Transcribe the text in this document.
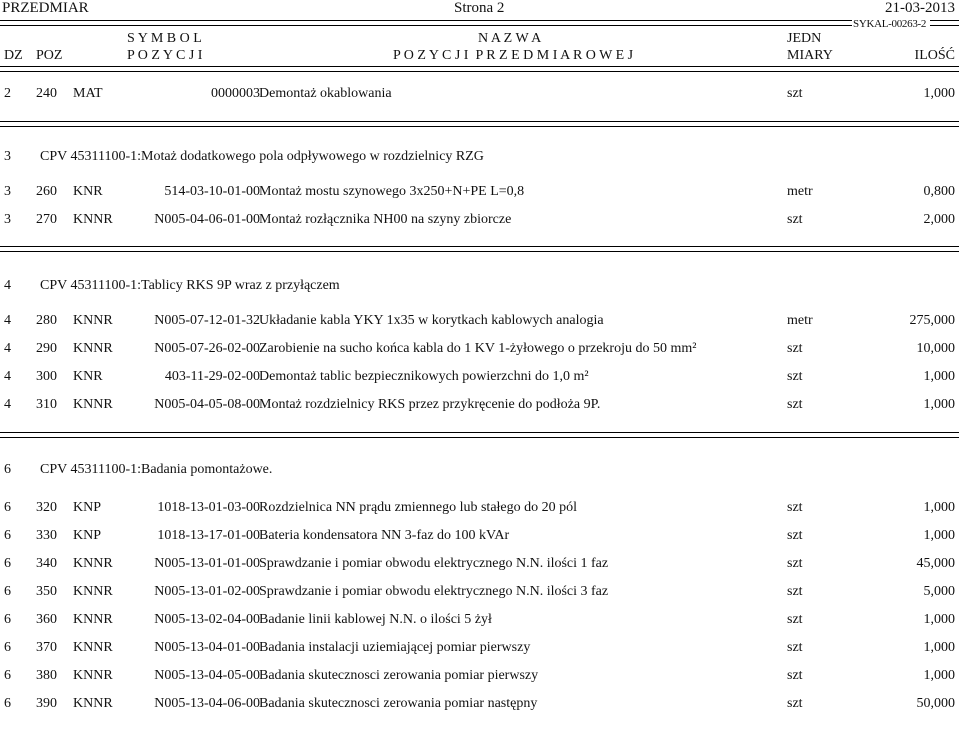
PRZEDMIAR	Strona 2	21-03-2013
SYKAL-00263-2
S Y M B O L	N A Z W A	JEDN
DZ POZ	P O Z Y C J I	P O Z Y C J I  P R Z E D M I A R O W E J	MIARY	ILOŚĆ
2 240 MAT	0000003 Demontaż okablowania	szt	1,000
3 CPV 45311100-1:Motaż dodatkowego pola odpływowego w rozdzielnicy RZG
3 260 KNR	514-03-10-01-00 Montaż mostu szynowego 3x250+N+PE L=0,8	metr	0,800
3 270 KNNR	N005-04-06-01-00 Montaż rozłącznika NH00 na szyny zbiorcze	szt	2,000
4 CPV 45311100-1:Tablicy RKS 9P wraz z przyłączem
4 280 KNNR	N005-07-12-01-32 Układanie kabla YKY 1x35 w korytkach kablowych analogia	metr	275,000
4 290 KNNR	N005-07-26-02-00 Zarobienie na sucho końca kabla do 1 KV 1-żyłowego o przekroju do 50 mm²	szt	10,000
4 300 KNR	403-11-29-02-00 Demontaż tablic bezpiecznikowych powierzchni do 1,0 m²	szt	1,000
4 310 KNNR	N005-04-05-08-00 Montaż rozdzielnicy RKS przez przykręcenie do podłoża 9P.	szt	1,000
6 CPV 45311100-1:Badania pomontażowe.
6 320 KNP	1018-13-01-03-00 Rozdzielnica NN prądu zmiennego lub stałego do 20 pól	szt	1,000
6 330 KNP	1018-13-17-01-00 Bateria kondensatora NN 3-faz do 100 kVAr	szt	1,000
6 340 KNNR	N005-13-01-01-00 Sprawdzanie i pomiar obwodu elektrycznego N.N. ilości 1 faz	szt	45,000
6 350 KNNR	N005-13-01-02-00 Sprawdzanie i pomiar obwodu elektrycznego N.N. ilości 3 faz	szt	5,000
6 360 KNNR	N005-13-02-04-00 Badanie linii kablowej N.N. o ilości 5 żył	szt	1,000
6 370 KNNR	N005-13-04-01-00 Badania instalacji uziemiającej pomiar pierwszy	szt	1,000
6 380 KNNR	N005-13-04-05-00 Badania skutecznosci zerowania pomiar pierwszy	szt	1,000
6 390 KNNR	N005-13-04-06-00 Badania skutecznosci zerowania pomiar następny	szt	50,000
